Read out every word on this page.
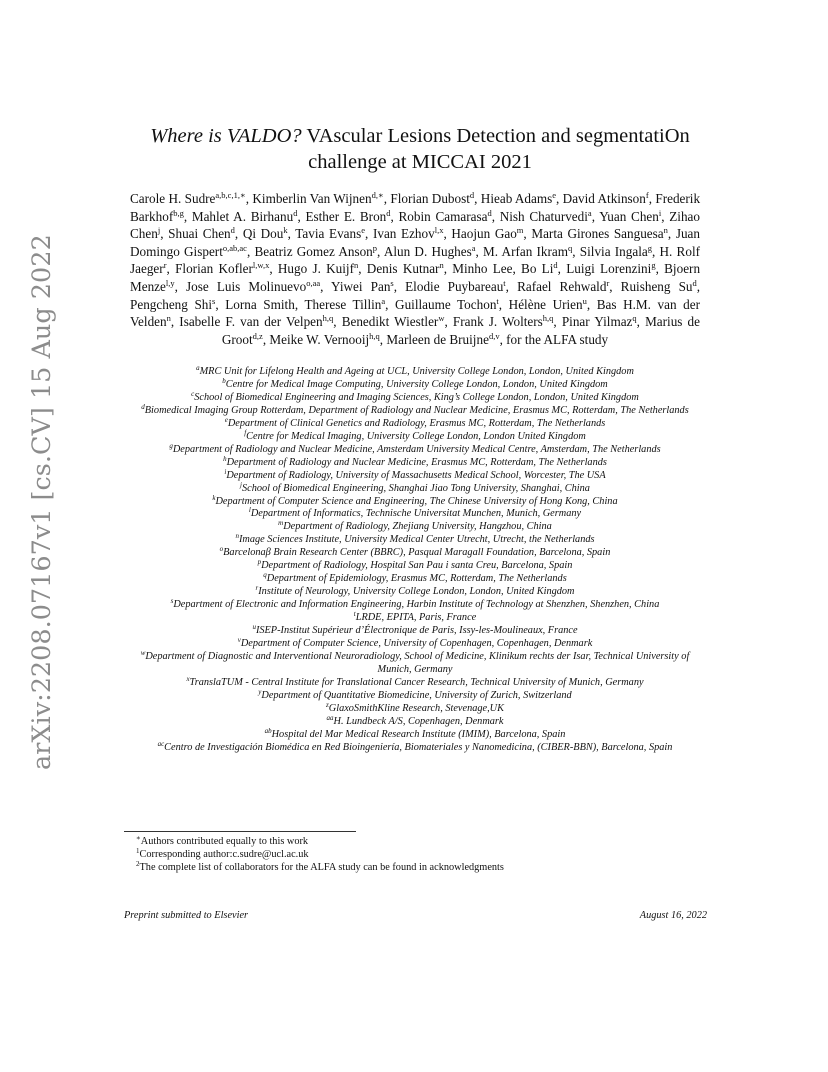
arXiv:2208.07167v1 [cs.CV] 15 Aug 2022
Where is VALDO? VAscular Lesions Detection and segmentatiOn
challenge at MICCAI 2021
Carole H. Sudre$^{a,b,c,1,∗}$, Kimberlin Van Wijnen$^{d,∗}$, Florian Dubost$^d$, Hieab Adams$^e$, David Atkinson$^f$, Frederik Barkhof$^{b,g}$, Mahlet A. Birhanu$^d$, Esther E. Bron$^d$, Robin Camarasa$^d$, Nish Chaturvedi$^a$, Yuan Chen$^i$, Zihao Chen$^j$, Shuai Chen$^d$, Qi Dou$^k$, Tavia Evans$^e$, Ivan Ezhov$^{l,x}$, Haojun Gao$^m$, Marta Girones Sanguesa$^n$, Juan Domingo Gispert$^{o,ab,ac}$, Beatriz Gomez Anson$^p$, Alun D. Hughes$^a$, M. Arfan Ikram$^q$, Silvia Ingala$^g$, H. Rolf Jaeger$^r$, Florian Kofler$^{l,w,x}$, Hugo J. Kuijf$^n$, Denis Kutnar$^n$, Minho Lee, Bo Li$^d$, Luigi Lorenzini$^g$, Bjoern Menze$^{l,y}$, Jose Luis Molinuevo$^{o,aa}$, Yiwei Pan$^s$, Elodie Puybareau$^t$, Rafael Rehwald$^r$, Ruisheng Su$^d$, Pengcheng Shi$^s$, Lorna Smith, Therese Tillin$^a$, Guillaume Tochon$^t$, Hélène Urien$^u$, Bas H.M. van der Velden$^n$, Isabelle F. van der Velpen$^{h,q}$, Benedikt Wiestler$^w$, Frank J. Wolters$^{h,q}$, Pinar Yilmaz$^q$, Marius de Groot$^{d,z}$, Meike W. Vernooij$^{h,q}$, Marleen de Bruijne$^{d,v}$, for the ALFA study
$^a$MRC Unit for Lifelong Health and Ageing at UCL, University College London, London, United Kingdom
$^b$Centre for Medical Image Computing, University College London, London, United Kingdom
$^c$School of Biomedical Engineering and Imaging Sciences, King’s College London, London, United Kingdom
$^d$Biomedical Imaging Group Rotterdam, Department of Radiology and Nuclear Medicine, Erasmus MC, Rotterdam, The Netherlands
$^e$Department of Clinical Genetics and Radiology, Erasmus MC, Rotterdam, The Netherlands
$^f$Centre for Medical Imaging, University College London, London United Kingdom
$^g$Department of Radiology and Nuclear Medicine, Amsterdam University Medical Centre, Amsterdam, The Netherlands
$^h$Department of Radiology and Nuclear Medicine, Erasmus MC, Rotterdam, The Netherlands
$^i$Department of Radiology, University of Massachusetts Medical School, Worcester, The USA
$^j$School of Biomedical Engineering, Shanghai Jiao Tong University, Shanghai, China
$^k$Department of Computer Science and Engineering, The Chinese University of Hong Kong, China
$^l$Department of Informatics, Technische Universitat Munchen, Munich, Germany
$^m$Department of Radiology, Zhejiang University, Hangzhou, China
$^n$Image Sciences Institute, University Medical Center Utrecht, Utrecht, the Netherlands
$^o$Barcelonaβ Brain Research Center (BBRC), Pasqual Maragall Foundation, Barcelona, Spain
$^p$Department of Radiology, Hospital San Pau i santa Creu, Barcelona, Spain
$^q$Department of Epidemiology, Erasmus MC, Rotterdam, The Netherlands
$^r$Institute of Neurology, University College London, London, United Kingdom
$^s$Department of Electronic and Information Engineering, Harbin Institute of Technology at Shenzhen, Shenzhen, China
$^t$LRDE, EPITA, Paris, France
$^u$ISEP-Institut Supérieur d’Électronique de Paris, Issy-les-Moulineaux, France
$^v$Department of Computer Science, University of Copenhagen, Copenhagen, Denmark
$^w$Department of Diagnostic and Interventional Neuroradiology, School of Medicine, Klinikum rechts der Isar, Technical University of Munich, Germany
$^x$TranslaTUM - Central Institute for Translational Cancer Research, Technical University of Munich, Germany
$^y$Department of Quantitative Biomedicine, University of Zurich, Switzerland
$^z$GlaxoSmithKline Research, Stevenage,UK
$^{aa}$H. Lundbeck A/S, Copenhagen, Denmark
$^{ab}$Hospital del Mar Medical Research Institute (IMIM), Barcelona, Spain
$^{ac}$Centro de Investigación Biomédica en Red Bioingeniería, Biomateriales y Nanomedicina, (CIBER-BBN), Barcelona, Spain
∗Authors contributed equally to this work
$^1$Corresponding author:c.sudre@ucl.ac.uk
$^2$The complete list of collaborators for the ALFA study can be found in acknowledgments
Preprint submitted to Elsevier	August 16, 2022
